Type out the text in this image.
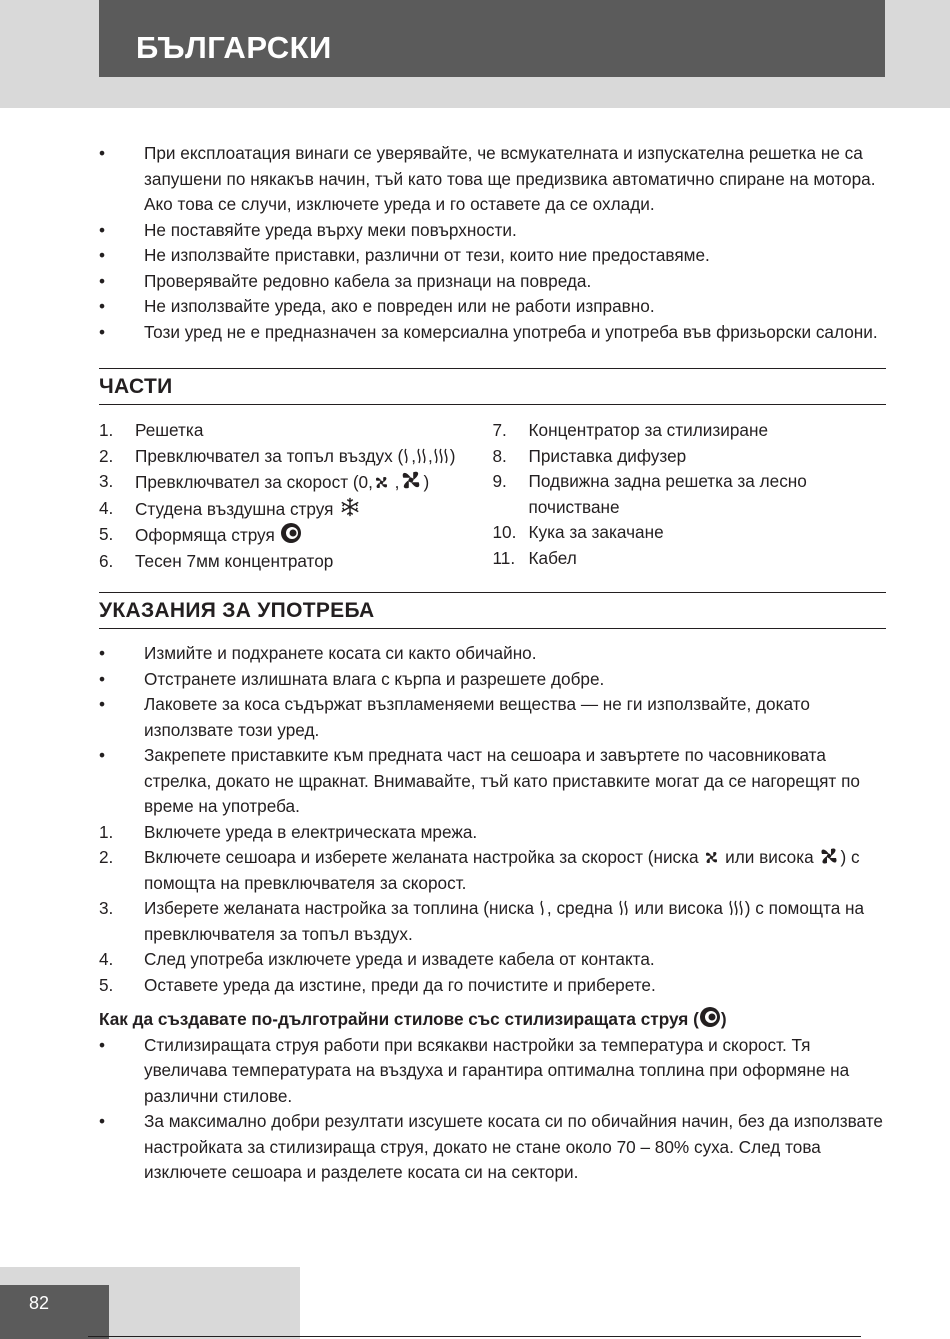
БЪЛГАРСКИ
•	При експлоатация винаги се уверявайте, че всмукателната и изпускателна решетка не са запушени по някакъв начин, тъй като това ще предизвика автоматично спиране на мотора. Ако това се случи, изключете уреда и го оставете да се охлади.
•	Не поставяйте уреда върху меки повърхности.
•	Не използвайте приставки, различни от тези, които ние предоставяме.
•	Проверявайте редовно кабела за признаци на повреда.
•	Не използвайте уреда, ако е повреден или не работи изправно.
•	Този уред не е предназначен за комерсиална употреба и употреба във фризьорски салони.
ЧАСТИ
1.	Решетка
2.	Превключвател за топъл въздух ( , , )
3.	Превключвател за скорост (0, , )
4.	Студена въздушна струя
5.	Оформяща струя
6.	Тесен 7мм концентратор
7.	Концентратор за стилизиране
8.	Приставка дифузер
9.	Подвижна задна решетка за лесно почистване
10. Кука за закачане
11. Кабел
УКАЗАНИЯ ЗА УПОТРЕБА
•	Измийте и подхранете косата си както обичайно.
•	Отстранете излишната влага с кърпа и разрешете добре.
•	Лаковете за коса съдържат възпламеняеми вещества — не ги използвайте, докато използвате този уред.
•	Закрепете приставките към предната част на сешоара и завъртете по часовниковата стрелка, докато не щракнат. Внимавайте, тъй като приставките могат да се нагорещят по време на употреба.
1.	Включете уреда в електрическата мрежа.
2.	Включете сешоара и изберете желаната настройка за скорост (ниска или висока ) с помощта на превключвателя за скорост.
3.	Изберете желаната настройка за топлина (ниска , средна или висока ) с помощта на превключвателя за топъл въздух.
4.	След употреба изключете уреда и извадете кабела от контакта.
5.	Оставете уреда да изстине, преди да го почистите и приберете.
Как да създавате по-дълготрайни стилове със стилизиращата струя ( )
•	Стилизиращата струя работи при всякакви настройки за температура и скорост. Тя увеличава температурата на въздуха и гарантира оптимална топлина при оформяне на различни стилове.
•	За максимално добри резултати изсушете косата си по обичайния начин, без да използвате настройката за стилизираща струя, докато не стане около 70 – 80% суха. След това изключете сешоара и разделете косата си на сектори.
82
